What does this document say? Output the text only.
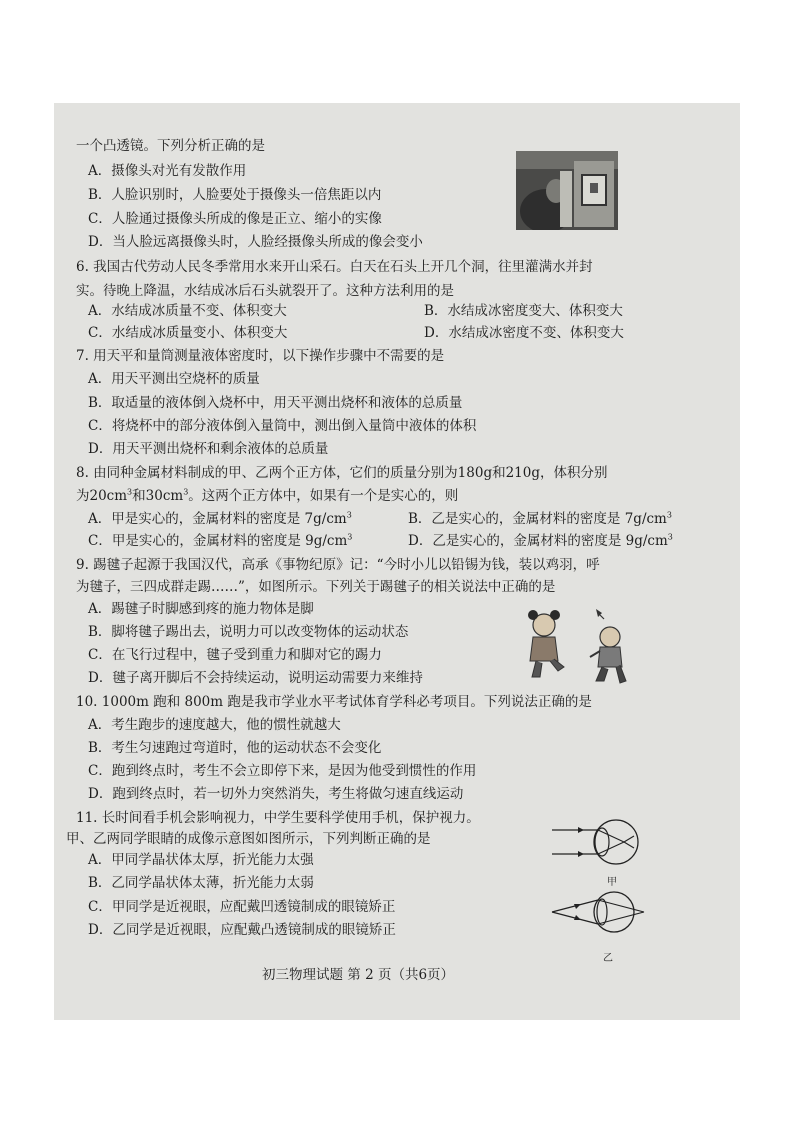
一个凸透镜。下列分析正确的是
A．摄像头对光有发散作用
B．人脸识别时，人脸要处于摄像头一倍焦距以内
C．人脸通过摄像头所成的像是正立、缩小的实像
D．当人脸远离摄像头时，人脸经摄像头所成的像会变小
6. 我国古代劳动人民冬季常用水来开山采石。白天在石头上开几个洞，往里灌满水并封
实。待晚上降温，水结成冰后石头就裂开了。这种方法利用的是
A．水结成冰质量不变、体积变大	B．水结成冰密度变大、体积变大
C．水结成冰质量变小、体积变大	D．水结成冰密度不变、体积变大
7. 用天平和量筒测量液体密度时，以下操作步骤中不需要的是
A．用天平测出空烧杯的质量
B．取适量的液体倒入烧杯中，用天平测出烧杯和液体的总质量
C．将烧杯中的部分液体倒入量筒中，测出倒入量筒中液体的体积
D．用天平测出烧杯和剩余液体的总质量
8. 由同种金属材料制成的甲、乙两个正方体，它们的质量分别为180g和210g，体积分别
为$20cm^3$和$30cm^3$。这两个正方体中，如果有一个是实心的，则
A．甲是实心的，金属材料的密度是 $7g/cm^3$	B．乙是实心的，金属材料的密度是 $7g/cm^3$
C．甲是实心的，金属材料的密度是 $9g/cm^3$	D．乙是实心的，金属材料的密度是 $9g/cm^3$
9. 踢毽子起源于我国汉代，高承《事物纪原》记：“今时小儿以铅锡为钱，装以鸡羽，呼
为毽子，三四成群走踢……”，如图所示。下列关于踢毽子的相关说法中正确的是
A．踢毽子时脚感到疼的施力物体是脚
B．脚将毽子踢出去，说明力可以改变物体的运动状态
C．在飞行过程中，毽子受到重力和脚对它的踢力
D．毽子离开脚后不会持续运动，说明运动需要力来维持
10. 1000m 跑和 800m 跑是我市学业水平考试体育学科必考项目。下列说法正确的是
A．考生跑步的速度越大，他的惯性就越大
B．考生匀速跑过弯道时，他的运动状态不会变化
C．跑到终点时，考生不会立即停下来，是因为他受到惯性的作用
D．跑到终点时，若一切外力突然消失，考生将做匀速直线运动
11. 长时间看手机会影响视力，中学生要科学使用手机，保护视力。
甲、乙两同学眼睛的成像示意图如图所示，下列判断正确的是
A．甲同学晶状体太厚，折光能力太强
B．乙同学晶状体太薄，折光能力太弱
C．甲同学是近视眼，应配戴凹透镜制成的眼镜矫正
D．乙同学是近视眼，应配戴凸透镜制成的眼镜矫正
甲
乙
初三物理试题 第 2 页（共6页）
